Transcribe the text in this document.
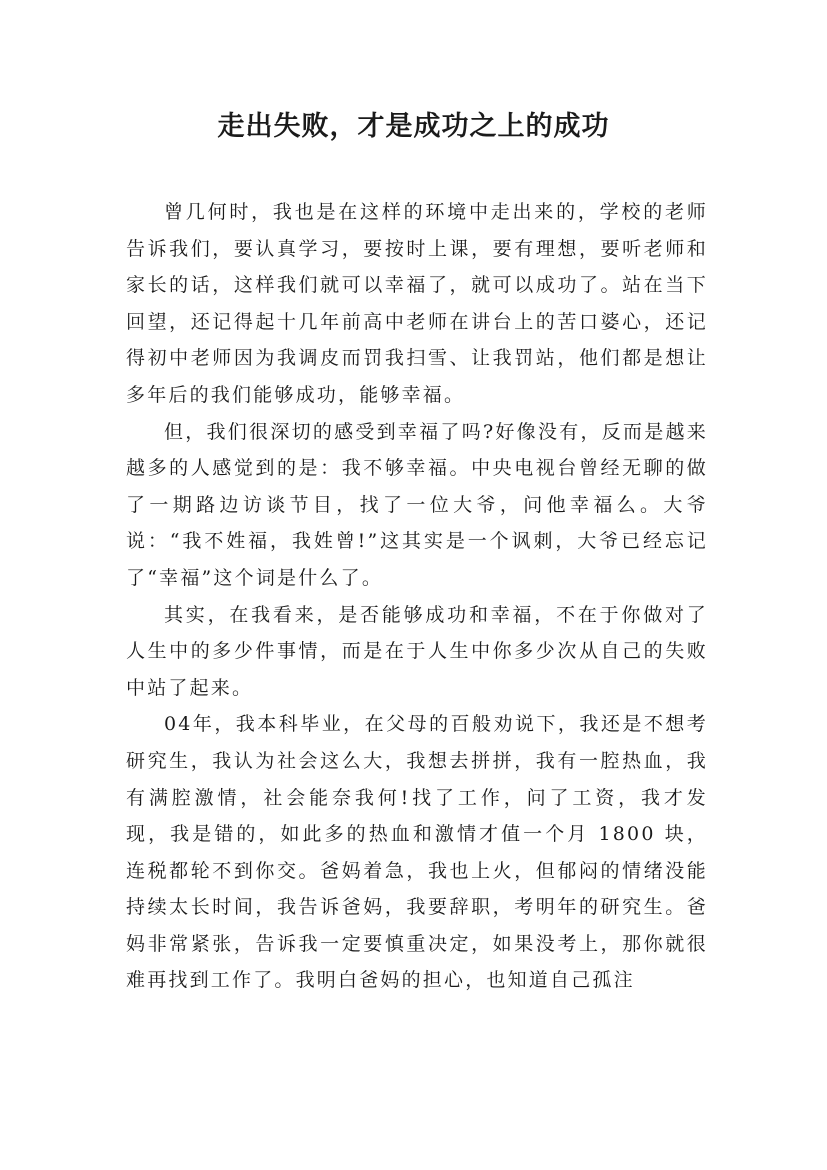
走出失败，才是成功之上的成功

曾几何时，我也是在这样的环境中走出来的，学校的老师告诉我们，要认真学习，要按时上课，要有理想，要听老师和家长的话，这样我们就可以幸福了，就可以成功了。站在当下回望，还记得起十几年前高中老师在讲台上的苦口婆心，还记得初中老师因为我调皮而罚我扫雪、让我罚站，他们都是想让多年后的我们能够成功，能够幸福。

但，我们很深切的感受到幸福了吗?好像没有，反而是越来越多的人感觉到的是：我不够幸福。中央电视台曾经无聊的做了一期路边访谈节目，找了一位大爷，问他幸福么。大爷说：“我不姓福，我姓曾!”这其实是一个讽刺，大爷已经忘记了“幸福”这个词是什么了。

其实，在我看来，是否能够成功和幸福，不在于你做对了人生中的多少件事情，而是在于人生中你多少次从自己的失败中站了起来。

04年，我本科毕业，在父母的百般劝说下，我还是不想考研究生，我认为社会这么大，我想去拼拼，我有一腔热血，我有满腔激情，社会能奈我何!找了工作，问了工资，我才发现，我是错的，如此多的热血和激情才值一个月 1800 块，连税都轮不到你交。爸妈着急，我也上火，但郁闷的情绪没能持续太长时间，我告诉爸妈，我要辞职，考明年的研究生。爸妈非常紧张，告诉我一定要慎重决定，如果没考上，那你就很难再找到工作了。我明白爸妈的担心，也知道自己孤注
